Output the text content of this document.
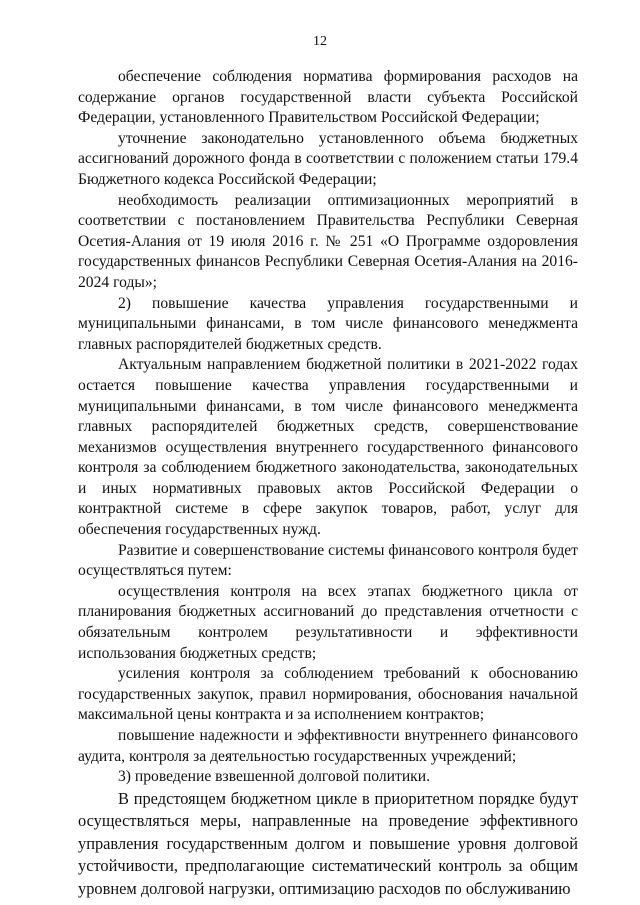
12

обеспечение соблюдения норматива формирования расходов на содержание органов государственной власти субъекта Российской Федерации, установленного Правительством Российской Федерации;

уточнение законодательно установленного объема бюджетных ассигнований дорожного фонда в соответствии с положением статьи 179.4 Бюджетного кодекса Российской Федерации;

необходимость реализации оптимизационных мероприятий в соответствии с постановлением Правительства Республики Северная Осетия-Алания от 19 июля 2016 г. № 251 «О Программе оздоровления государственных финансов Республики Северная Осетия-Алания на 2016-2024 годы»;

2) повышение качества управления государственными и муниципальными финансами, в том числе финансового менеджмента главных распорядителей бюджетных средств.

Актуальным направлением бюджетной политики в 2021-2022 годах остается повышение качества управления государственными и муниципальными финансами, в том числе финансового менеджмента главных распорядителей бюджетных средств, совершенствование механизмов осуществления внутреннего государственного финансового контроля за соблюдением бюджетного законодательства, законодательных и иных нормативных правовых актов Российской Федерации о контрактной системе в сфере закупок товаров, работ, услуг для обеспечения государственных нужд.

Развитие и совершенствование системы финансового контроля будет осуществляться путем:

осуществления контроля на всех этапах бюджетного цикла от планирования бюджетных ассигнований до представления отчетности с обязательным контролем результативности и эффективности использования бюджетных средств;

усиления контроля за соблюдением требований к обоснованию государственных закупок, правил нормирования, обоснования начальной максимальной цены контракта и за исполнением контрактов;

повышение надежности и эффективности внутреннего финансового аудита, контроля за деятельностью государственных учреждений;

3) проведение взвешенной долговой политики.

В предстоящем бюджетном цикле в приоритетном порядке будут осуществляться меры, направленные на проведение эффективного управления государственным долгом и повышение уровня долговой устойчивости, предполагающие систематический контроль за общим уровнем долговой нагрузки, оптимизацию расходов по обслуживанию
